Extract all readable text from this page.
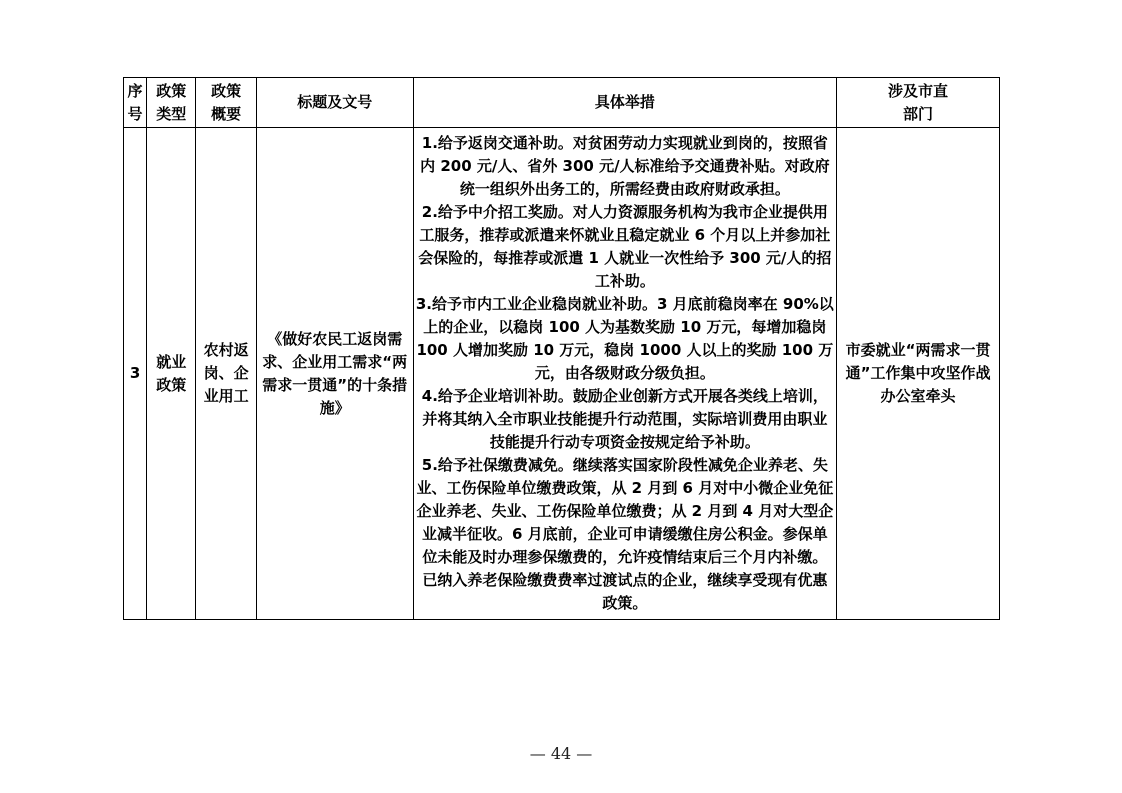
序号	政策类型	政策概要	标题及文号	具体举措	涉及市直部门
3	就业政策	农村返岗、企业用工	《做好农民工返岗需求、企业用工需求“两需求一贯通”的十条措施》	1.给予返岗交通补助。对贫困劳动力实现就业到岗的，按照省内 200 元/人、省外 300 元/人标准给予交通费补贴。对政府统一组织外出务工的，所需经费由政府财政承担。
2.给予中介招工奖励。对人力资源服务机构为我市企业提供用工服务，推荐或派遣来怀就业且稳定就业 6 个月以上并参加社会保险的，每推荐或派遣 1 人就业一次性给予 300 元/人的招工补助。
3.给予市内工业企业稳岗就业补助。3 月底前稳岗率在 90%以上的企业，以稳岗 100 人为基数奖励 10 万元，每增加稳岗 100 人增加奖励 10 万元，稳岗 1000 人以上的奖励 100 万元，由各级财政分级负担。
4.给予企业培训补助。鼓励企业创新方式开展各类线上培训，并将其纳入全市职业技能提升行动范围，实际培训费用由职业技能提升行动专项资金按规定给予补助。
5.给予社保缴费减免。继续落实国家阶段性减免企业养老、失业、工伤保险单位缴费政策，从 2 月到 6 月对中小微企业免征企业养老、失业、工伤保险单位缴费；从 2 月到 4 月对大型企业减半征收。6 月底前，企业可申请缓缴住房公积金。参保单位未能及时办理参保缴费的，允许疫情结束后三个月内补缴。已纳入养老保险缴费费率过渡试点的企业，继续享受现有优惠政策。	市委就业“两需求一贯通”工作集中攻坚作战办公室牵头
— 44 —
